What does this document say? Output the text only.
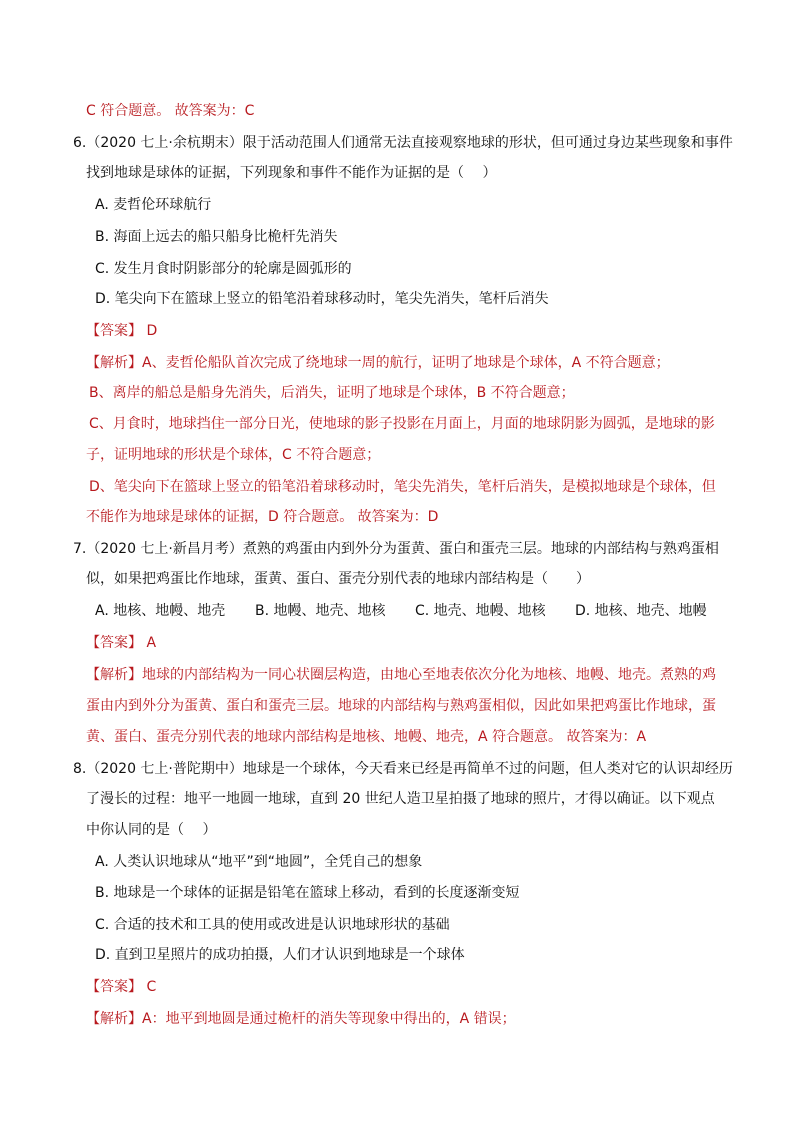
C 符合题意。 故答案为：C
6.（2020 七上·余杭期末）限于活动范围人们通常无法直接观察地球的形状，但可通过身边某些现象和事件
找到地球是球体的证据，下列现象和事件不能作为证据的是（　 ）
A. 麦哲伦环球航行
B. 海面上远去的船只船身比桅杆先消失
C. 发生月食时阴影部分的轮廓是圆弧形的
D. 笔尖向下在篮球上竖立的铅笔沿着球移动时，笔尖先消失，笔杆后消失
【答案】 D
【解析】A、麦哲伦船队首次完成了绕地球一周的航行，证明了地球是个球体，A 不符合题意；
B、离岸的船总是船身先消失，后消失，证明了地球是个球体，B 不符合题意；
C、月食时，地球挡住一部分日光，使地球的影子投影在月面上，月面的地球阴影为圆弧，是地球的影
子，证明地球的形状是个球体，C 不符合题意；
D、笔尖向下在篮球上竖立的铅笔沿着球移动时，笔尖先消失，笔杆后消失，是模拟地球是个球体，但
不能作为地球是球体的证据，D 符合题意。 故答案为：D
7.（2020 七上·新昌月考）煮熟的鸡蛋由内到外分为蛋黄、蛋白和蛋壳三层。地球的内部结构与熟鸡蛋相
似，如果把鸡蛋比作地球，蛋黄、蛋白、蛋壳分别代表的地球内部结构是（　　）
A. 地核、地幔、地壳 B. 地幔、地壳、地核 C. 地壳、地幔、地核 D. 地核、地壳、地幔
【答案】 A
【解析】地球的内部结构为一同心状圈层构造，由地心至地表依次分化为地核、地幔、地壳。煮熟的鸡
蛋由内到外分为蛋黄、蛋白和蛋壳三层。地球的内部结构与熟鸡蛋相似，因此如果把鸡蛋比作地球，蛋
黄、蛋白、蛋壳分别代表的地球内部结构是地核、地幔、地壳，A 符合题意。 故答案为：A
8.（2020 七上·普陀期中）地球是一个球体，今天看来已经是再简单不过的问题，但人类对它的认识却经历
了漫长的过程：地平一地圆一地球，直到 20 世纪人造卫星拍摄了地球的照片，才得以确证。以下观点
中你认同的是（　 ）
A. 人类认识地球从“地平”到“地圆”，全凭自己的想象
B. 地球是一个球体的证据是铅笔在篮球上移动，看到的长度逐渐变短
C. 合适的技术和工具的使用或改进是认识地球形状的基础
D. 直到卫星照片的成功拍摄，人们才认识到地球是一个球体
【答案】 C
【解析】A：地平到地圆是通过桅杆的消失等现象中得出的，A 错误；
